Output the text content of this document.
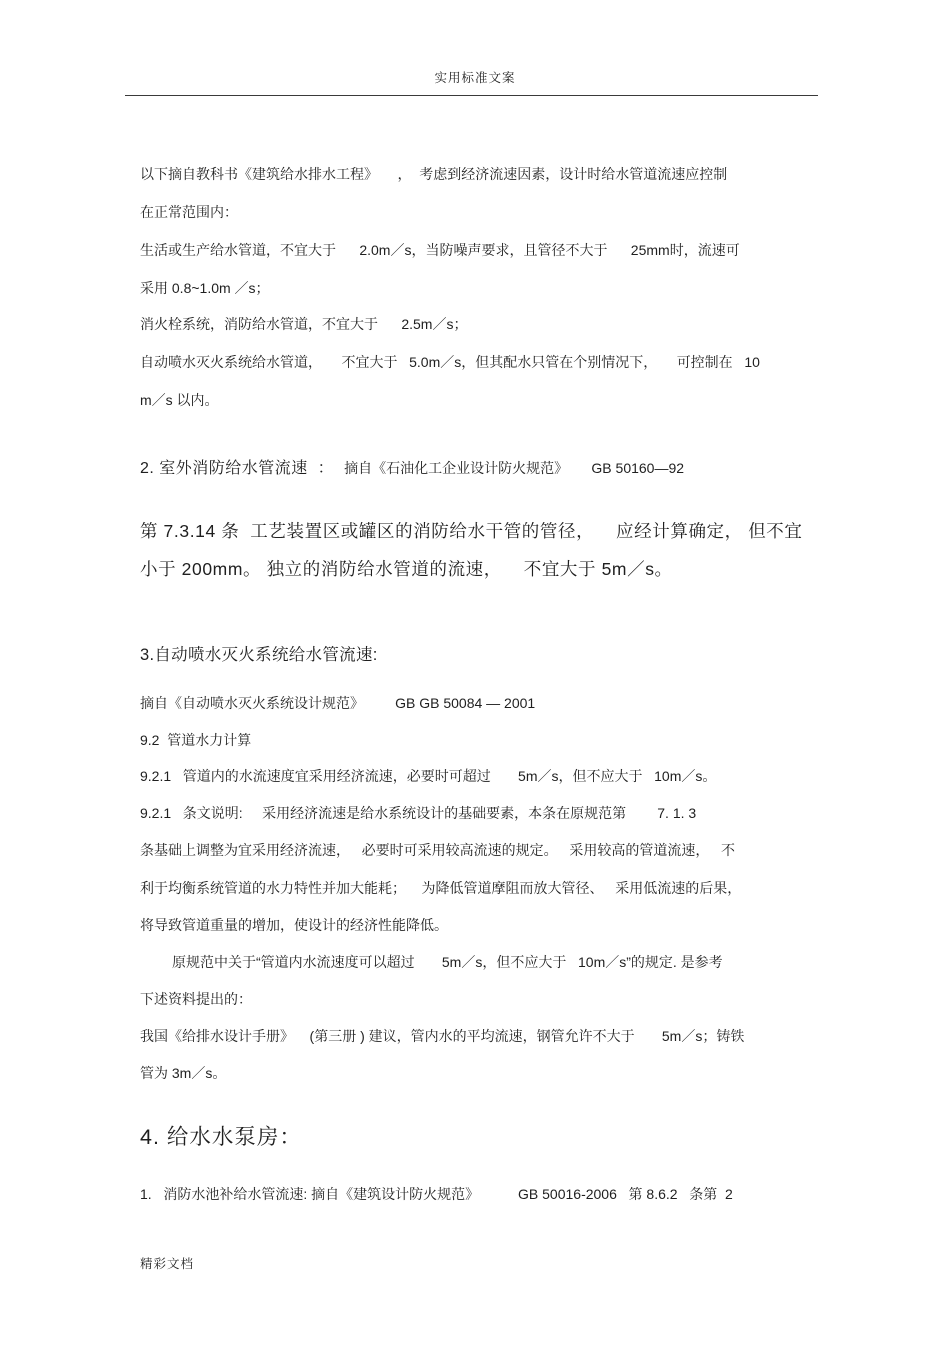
实用标准文案
以下摘自教科书《建筑给水排水工程》     ，  考虑到经济流速因素，设计时给水管道流速应控制
在正常范围内：
生活或生产给水管道，不宜大于      2.0m／s，当防噪声要求，且管径不大于      25mm时，流速可
采用 0.8~1.0m ／s；
消火栓系统，消防给水管道，不宜大于      2.5m／s；
自动喷水灭火系统给水管道，     不宜大于   5.0m／s，但其配水只管在个别情况下，     可控制在   10
m／s 以内。
2. 室外消防给水管流速  ：  摘自《石油化工企业设计防火规范》      GB 50160—92
第 7.3.14 条  工艺装置区或罐区的消防给水干管的管径，    应经计算确定， 但不宜
小于 200mm。 独立的消防给水管道的流速，    不宜大于 5m／s。
3.自动喷水灭火系统给水管流速:
摘自《自动喷水灭火系统设计规范》        GB GB 50084 — 2001
9.2  管道水力计算
9.2.1   管道内的水流速度宜采用经济流速，必要时可超过       5m／s，但不应大于   10m／s。
9.2.1   条文说明:     采用经济流速是给水系统设计的基础要素，本条在原规范第        7. 1. 3
条基础上调整为宜采用经济流速，   必要时可采用较高流速的规定。   采用较高的管道流速，   不
利于均衡系统管道的水力特性并加大能耗；    为降低管道摩阻而放大管径、   采用低流速的后果，
将导致管道重量的增加，使设计的经济性能降低。
原规范中关于“管道内水流速度可以超过       5m／s，但不应大于   10m／s”的规定. 是参考
下述资料提出的：
我国《给排水设计手册》    (第三册 ) 建议，管内水的平均流速，钢管允许不大于       5m／s；铸铁
管为 3m／s。
4. 给水水泵房：
1.   消防水池补给水管流速: 摘自《建筑设计防火规范》          GB 50016-2006   第 8.6.2   条第  2
精彩文档
